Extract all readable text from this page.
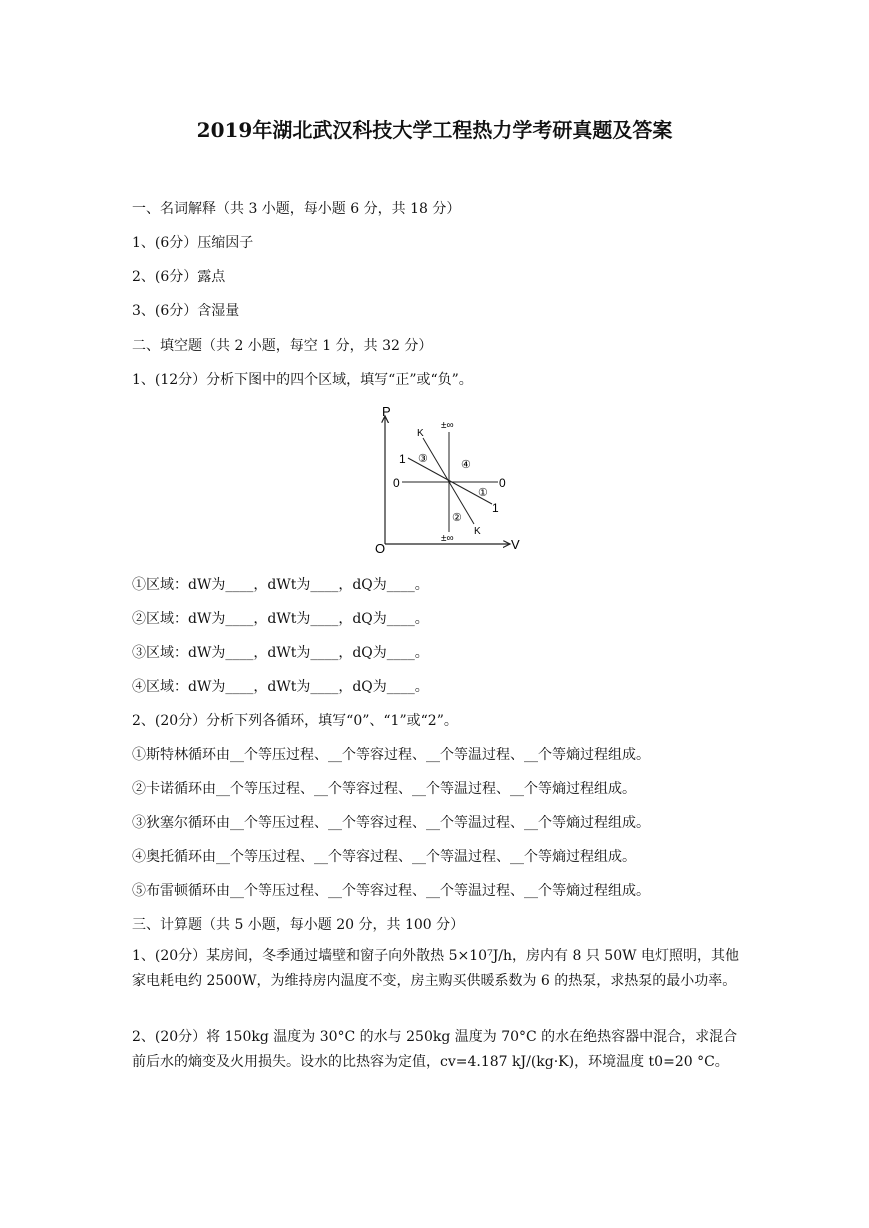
2019年湖北武汉科技大学工程热力学考研真题及答案
一、名词解释（共 3 小题，每小题 6 分，共 18 分）
1、(6分）压缩因子
2、(6分）露点
3、(6分）含湿量
二、填空题（共 2 小题，每空 1 分，共 32 分）
1、(12分）分析下图中的四个区域，填写“正”或“负”。
P
V
O
±∞
±∞
K
K
1
1
0	0
③	④
①
②
①区域：dW为____，dWt为____，dQ为____。
②区域：dW为____，dWt为____，dQ为____。
③区域：dW为____，dWt为____，dQ为____。
④区域：dW为____，dWt为____，dQ为____。
2、(20分）分析下列各循环，填写“0”、“1”或“2”。
①斯特林循环由__个等压过程、__个等容过程、__个等温过程、__个等熵过程组成。
②卡诺循环由__个等压过程、__个等容过程、__个等温过程、__个等熵过程组成。
③狄塞尔循环由__个等压过程、__个等容过程、__个等温过程、__个等熵过程组成。
④奥托循环由__个等压过程、__个等容过程、__个等温过程、__个等熵过程组成。
⑤布雷顿循环由__个等压过程、__个等容过程、__个等温过程、__个等熵过程组成。
三、计算题（共 5 小题，每小题 20 分，共 100 分）
1、(20分）某房间，冬季通过墙壁和窗子向外散热 5×10⁷J/h，房内有 8 只 50W 电灯照明，其他家电耗电约 2500W，为维持房内温度不变，房主购买供暖系数为 6 的热泵，求热泵的最小功率。
2、(20分）将 150kg 温度为 30°C 的水与 250kg 温度为 70°C 的水在绝热容器中混合，求混合前后水的熵变及火用损失。设水的比热容为定值，cv=4.187 kJ/(kg·K)，环境温度 t0=20 °C。
